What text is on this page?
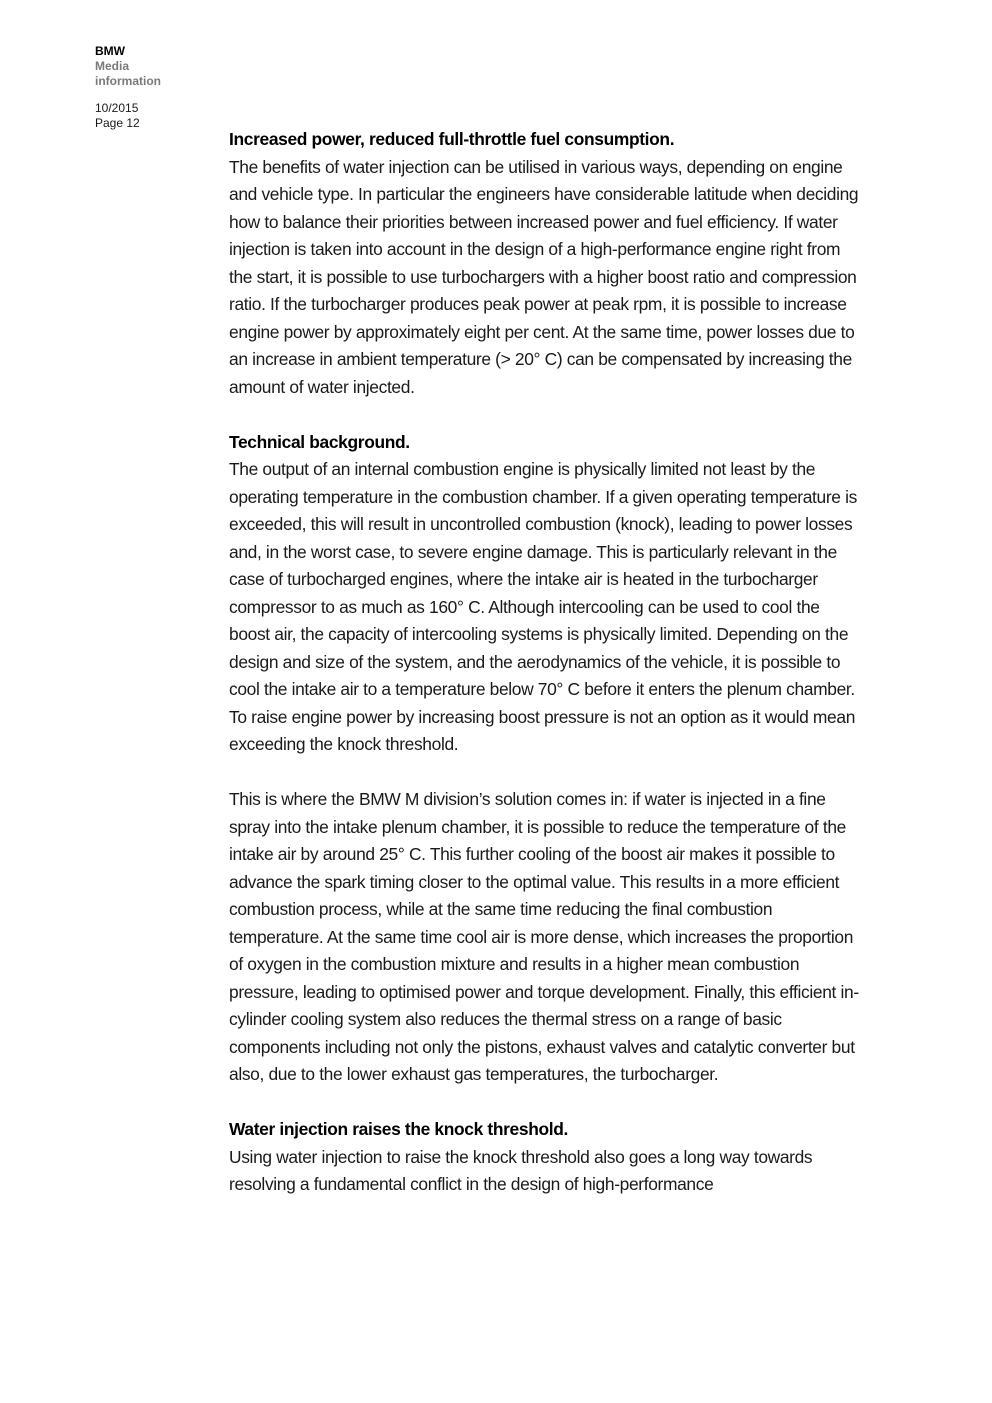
BMW

Media

information

10/2015
Page 12

Increased power, reduced full-throttle fuel consumption.

The benefits of water injection can be utilised in various ways, depending on engine and vehicle type. In particular the engineers have considerable latitude when deciding how to balance their priorities between increased power and fuel efficiency. If water injection is taken into account in the design of a high-performance engine right from the start, it is possible to use turbochargers with a higher boost ratio and compression ratio. If the turbocharger produces peak power at peak rpm, it is possible to increase engine power by approximately eight per cent. At the same time, power losses due to an increase in ambient temperature (> 20° C) can be compensated by increasing the amount of water injected.

Technical background.

The output of an internal combustion engine is physically limited not least by the operating temperature in the combustion chamber. If a given operating temperature is exceeded, this will result in uncontrolled combustion (knock), leading to power losses and, in the worst case, to severe engine damage. This is particularly relevant in the case of turbocharged engines, where the intake air is heated in the turbocharger compressor to as much as 160° C. Although intercooling can be used to cool the boost air, the capacity of intercooling systems is physically limited. Depending on the design and size of the system, and the aerodynamics of the vehicle, it is possible to cool the intake air to a temperature below 70° C before it enters the plenum chamber. To raise engine power by increasing boost pressure is not an option as it would mean exceeding the knock threshold.

This is where the BMW M division’s solution comes in: if water is injected in a fine spray into the intake plenum chamber, it is possible to reduce the temperature of the intake air by around 25° C. This further cooling of the boost air makes it possible to advance the spark timing closer to the optimal value. This results in a more efficient combustion process, while at the same time reducing the final combustion temperature. At the same time cool air is more dense, which increases the proportion of oxygen in the combustion mixture and results in a higher mean combustion pressure, leading to optimised power and torque development. Finally, this efficient in-cylinder cooling system also reduces the thermal stress on a range of basic components including not only the pistons, exhaust valves and catalytic converter but also, due to the lower exhaust gas temperatures, the turbocharger.

Water injection raises the knock threshold.

Using water injection to raise the knock threshold also goes a long way towards resolving a fundamental conflict in the design of high-performance
